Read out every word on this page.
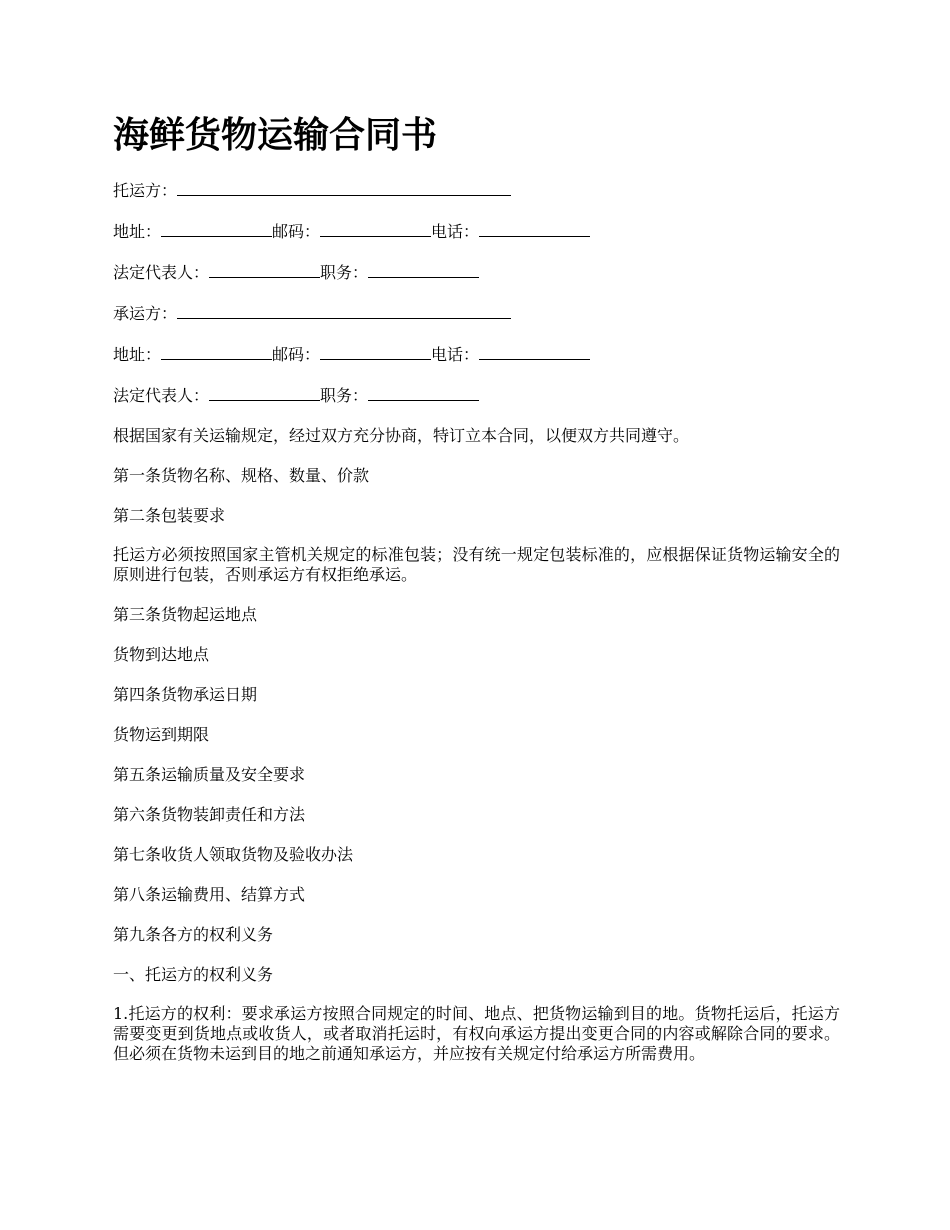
海鲜货物运输合同书
托运方：
地址：	邮码：	电话：
法定代表人：	职务：
承运方：
地址：	邮码：	电话：
法定代表人：	职务：

根据国家有关运输规定，经过双方充分协商，特订立本合同，以便双方共同遵守。

第一条货物名称、规格、数量、价款

第二条包装要求

托运方必须按照国家主管机关规定的标准包装；没有统一规定包装标准的，应根据保证货物运输安全的原则进行包装，否则承运方有权拒绝承运。

第三条货物起运地点

货物到达地点

第四条货物承运日期

货物运到期限

第五条运输质量及安全要求

第六条货物装卸责任和方法

第七条收货人领取货物及验收办法

第八条运输费用、结算方式

第九条各方的权利义务

一、托运方的权利义务

1.托运方的权利：要求承运方按照合同规定的时间、地点、把货物运输到目的地。货物托运后，托运方需要变更到货地点或收货人，或者取消托运时，有权向承运方提出变更合同的内容或解除合同的要求。但必须在货物未运到目的地之前通知承运方，并应按有关规定付给承运方所需费用。
